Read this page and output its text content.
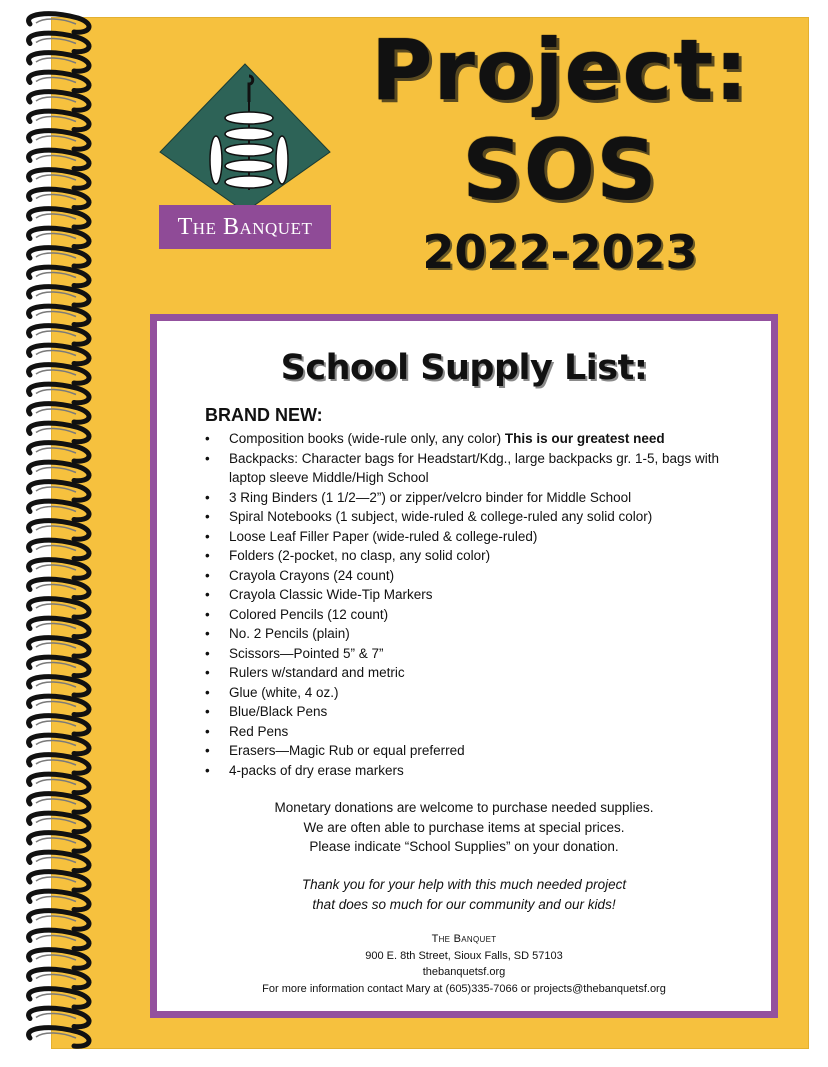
The Banquet
Project:
SOS
2022-2023
School Supply List:
BRAND NEW:
• Composition books (wide-rule only, any color) This is our greatest need
• Backpacks: Character bags for Headstart/Kdg., large backpacks gr. 1-5, bags with laptop sleeve Middle/High School
• 3 Ring Binders (1 1/2—2”) or zipper/velcro binder for Middle School
• Spiral Notebooks (1 subject, wide-ruled & college-ruled any solid color)
• Loose Leaf Filler Paper (wide-ruled & college-ruled)
• Folders (2-pocket, no clasp, any solid color)
• Crayola Crayons (24 count)
• Crayola Classic Wide-Tip Markers
• Colored Pencils (12 count)
• No. 2 Pencils (plain)
• Scissors—Pointed 5” & 7”
• Rulers w/standard and metric
• Glue (white, 4 oz.)
• Blue/Black Pens
• Red Pens
• Erasers—Magic Rub or equal preferred
• 4-packs of dry erase markers
Monetary donations are welcome to purchase needed supplies.
We are often able to purchase items at special prices.
Please indicate “School Supplies” on your donation.
Thank you for your help with this much needed project
that does so much for our community and our kids!
The Banquet
900 E. 8th Street, Sioux Falls, SD 57103
thebanquetsf.org
For more information contact Mary at (605)335-7066 or projects@thebanquetsf.org
